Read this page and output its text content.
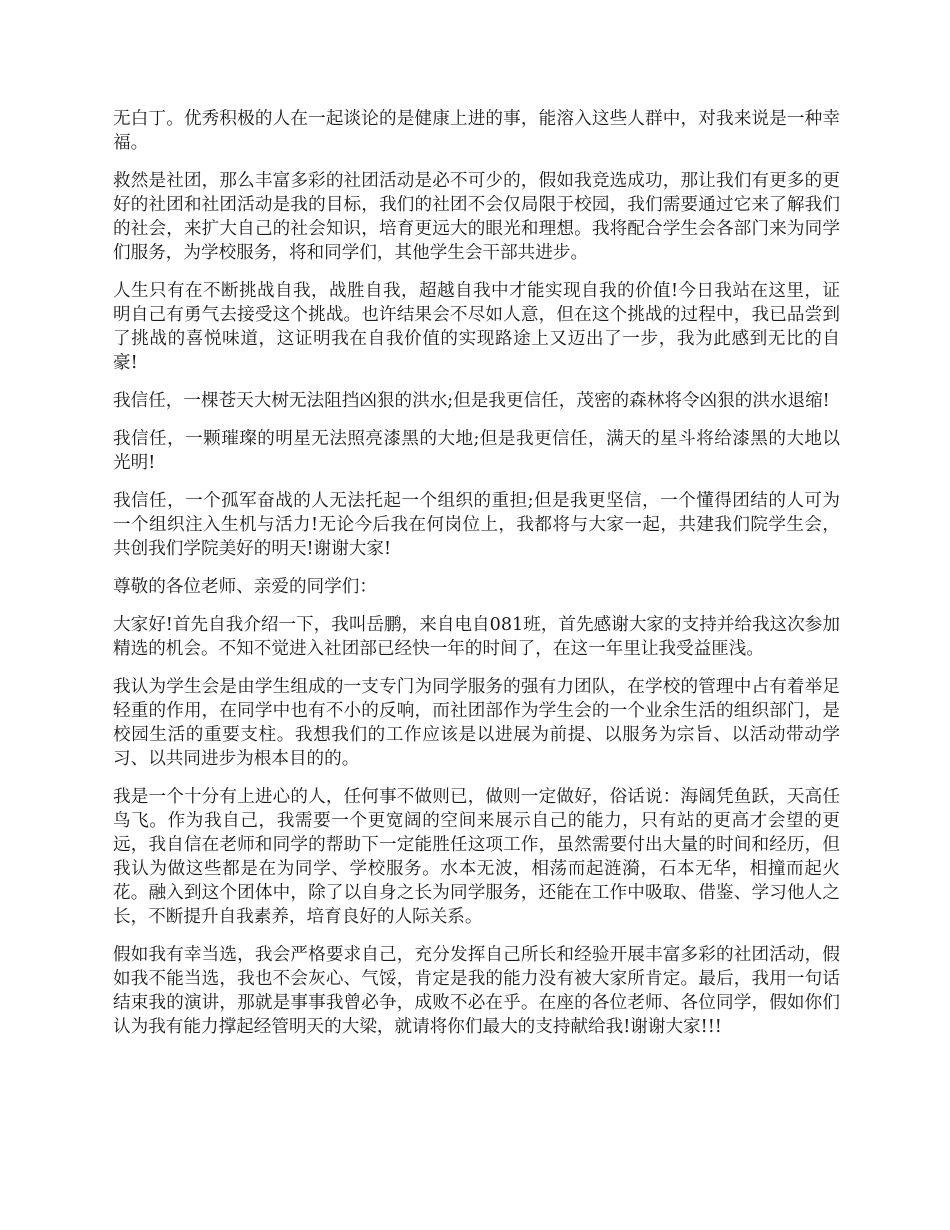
无白丁。优秀积极的人在一起谈论的是健康上进的事，能溶入这些人群中，对我来说是一种幸福。

救然是社团，那么丰富多彩的社团活动是必不可少的，假如我竞选成功，那让我们有更多的更好的社团和社团活动是我的目标，我们的社团不会仅局限于校园，我们需要通过它来了解我们的社会，来扩大自己的社会知识，培育更远大的眼光和理想。我将配合学生会各部门来为同学们服务，为学校服务，将和同学们，其他学生会干部共进步。

人生只有在不断挑战自我，战胜自我，超越自我中才能实现自我的价值!今日我站在这里，证明自己有勇气去接受这个挑战。也许结果会不尽如人意，但在这个挑战的过程中，我已品尝到了挑战的喜悦味道，这证明我在自我价值的实现路途上又迈出了一步，我为此感到无比的自豪!

我信任，一棵苍天大树无法阻挡凶狠的洪水;但是我更信任，茂密的森林将令凶狠的洪水退缩!

我信任，一颗璀璨的明星无法照亮漆黑的大地;但是我更信任，满天的星斗将给漆黑的大地以光明!

我信任，一个孤军奋战的人无法托起一个组织的重担;但是我更坚信，一个懂得团结的人可为一个组织注入生机与活力!无论今后我在何岗位上，我都将与大家一起，共建我们院学生会，共创我们学院美好的明天!谢谢大家!

尊敬的各位老师、亲爱的同学们：

大家好!首先自我介绍一下，我叫岳鹏，来自电自081班，首先感谢大家的支持并给我这次参加精选的机会。不知不觉进入社团部已经快一年的时间了，在这一年里让我受益匪浅。

我认为学生会是由学生组成的一支专门为同学服务的强有力团队，在学校的管理中占有着举足轻重的作用，在同学中也有不小的反响，而社团部作为学生会的一个业余生活的组织部门，是校园生活的重要支柱。我想我们的工作应该是以进展为前提、以服务为宗旨、以活动带动学习、以共同进步为根本目的的。

我是一个十分有上进心的人，任何事不做则已，做则一定做好，俗话说：海阔凭鱼跃，天高任鸟飞。作为我自己，我需要一个更宽阔的空间来展示自己的能力，只有站的更高才会望的更远，我自信在老师和同学的帮助下一定能胜任这项工作，虽然需要付出大量的时间和经历，但我认为做这些都是在为同学、学校服务。水本无波，相荡而起涟漪，石本无华，相撞而起火花。融入到这个团体中，除了以自身之长为同学服务，还能在工作中吸取、借鉴、学习他人之长，不断提升自我素养，培育良好的人际关系。

假如我有幸当选，我会严格要求自己，充分发挥自己所长和经验开展丰富多彩的社团活动，假如我不能当选，我也不会灰心、气馁，肯定是我的能力没有被大家所肯定。最后，我用一句话结束我的演讲，那就是事事我曾必争，成败不必在乎。在座的各位老师、各位同学，假如你们认为我有能力撑起经管明天的大梁，就请将你们最大的支持献给我!谢谢大家!!!
